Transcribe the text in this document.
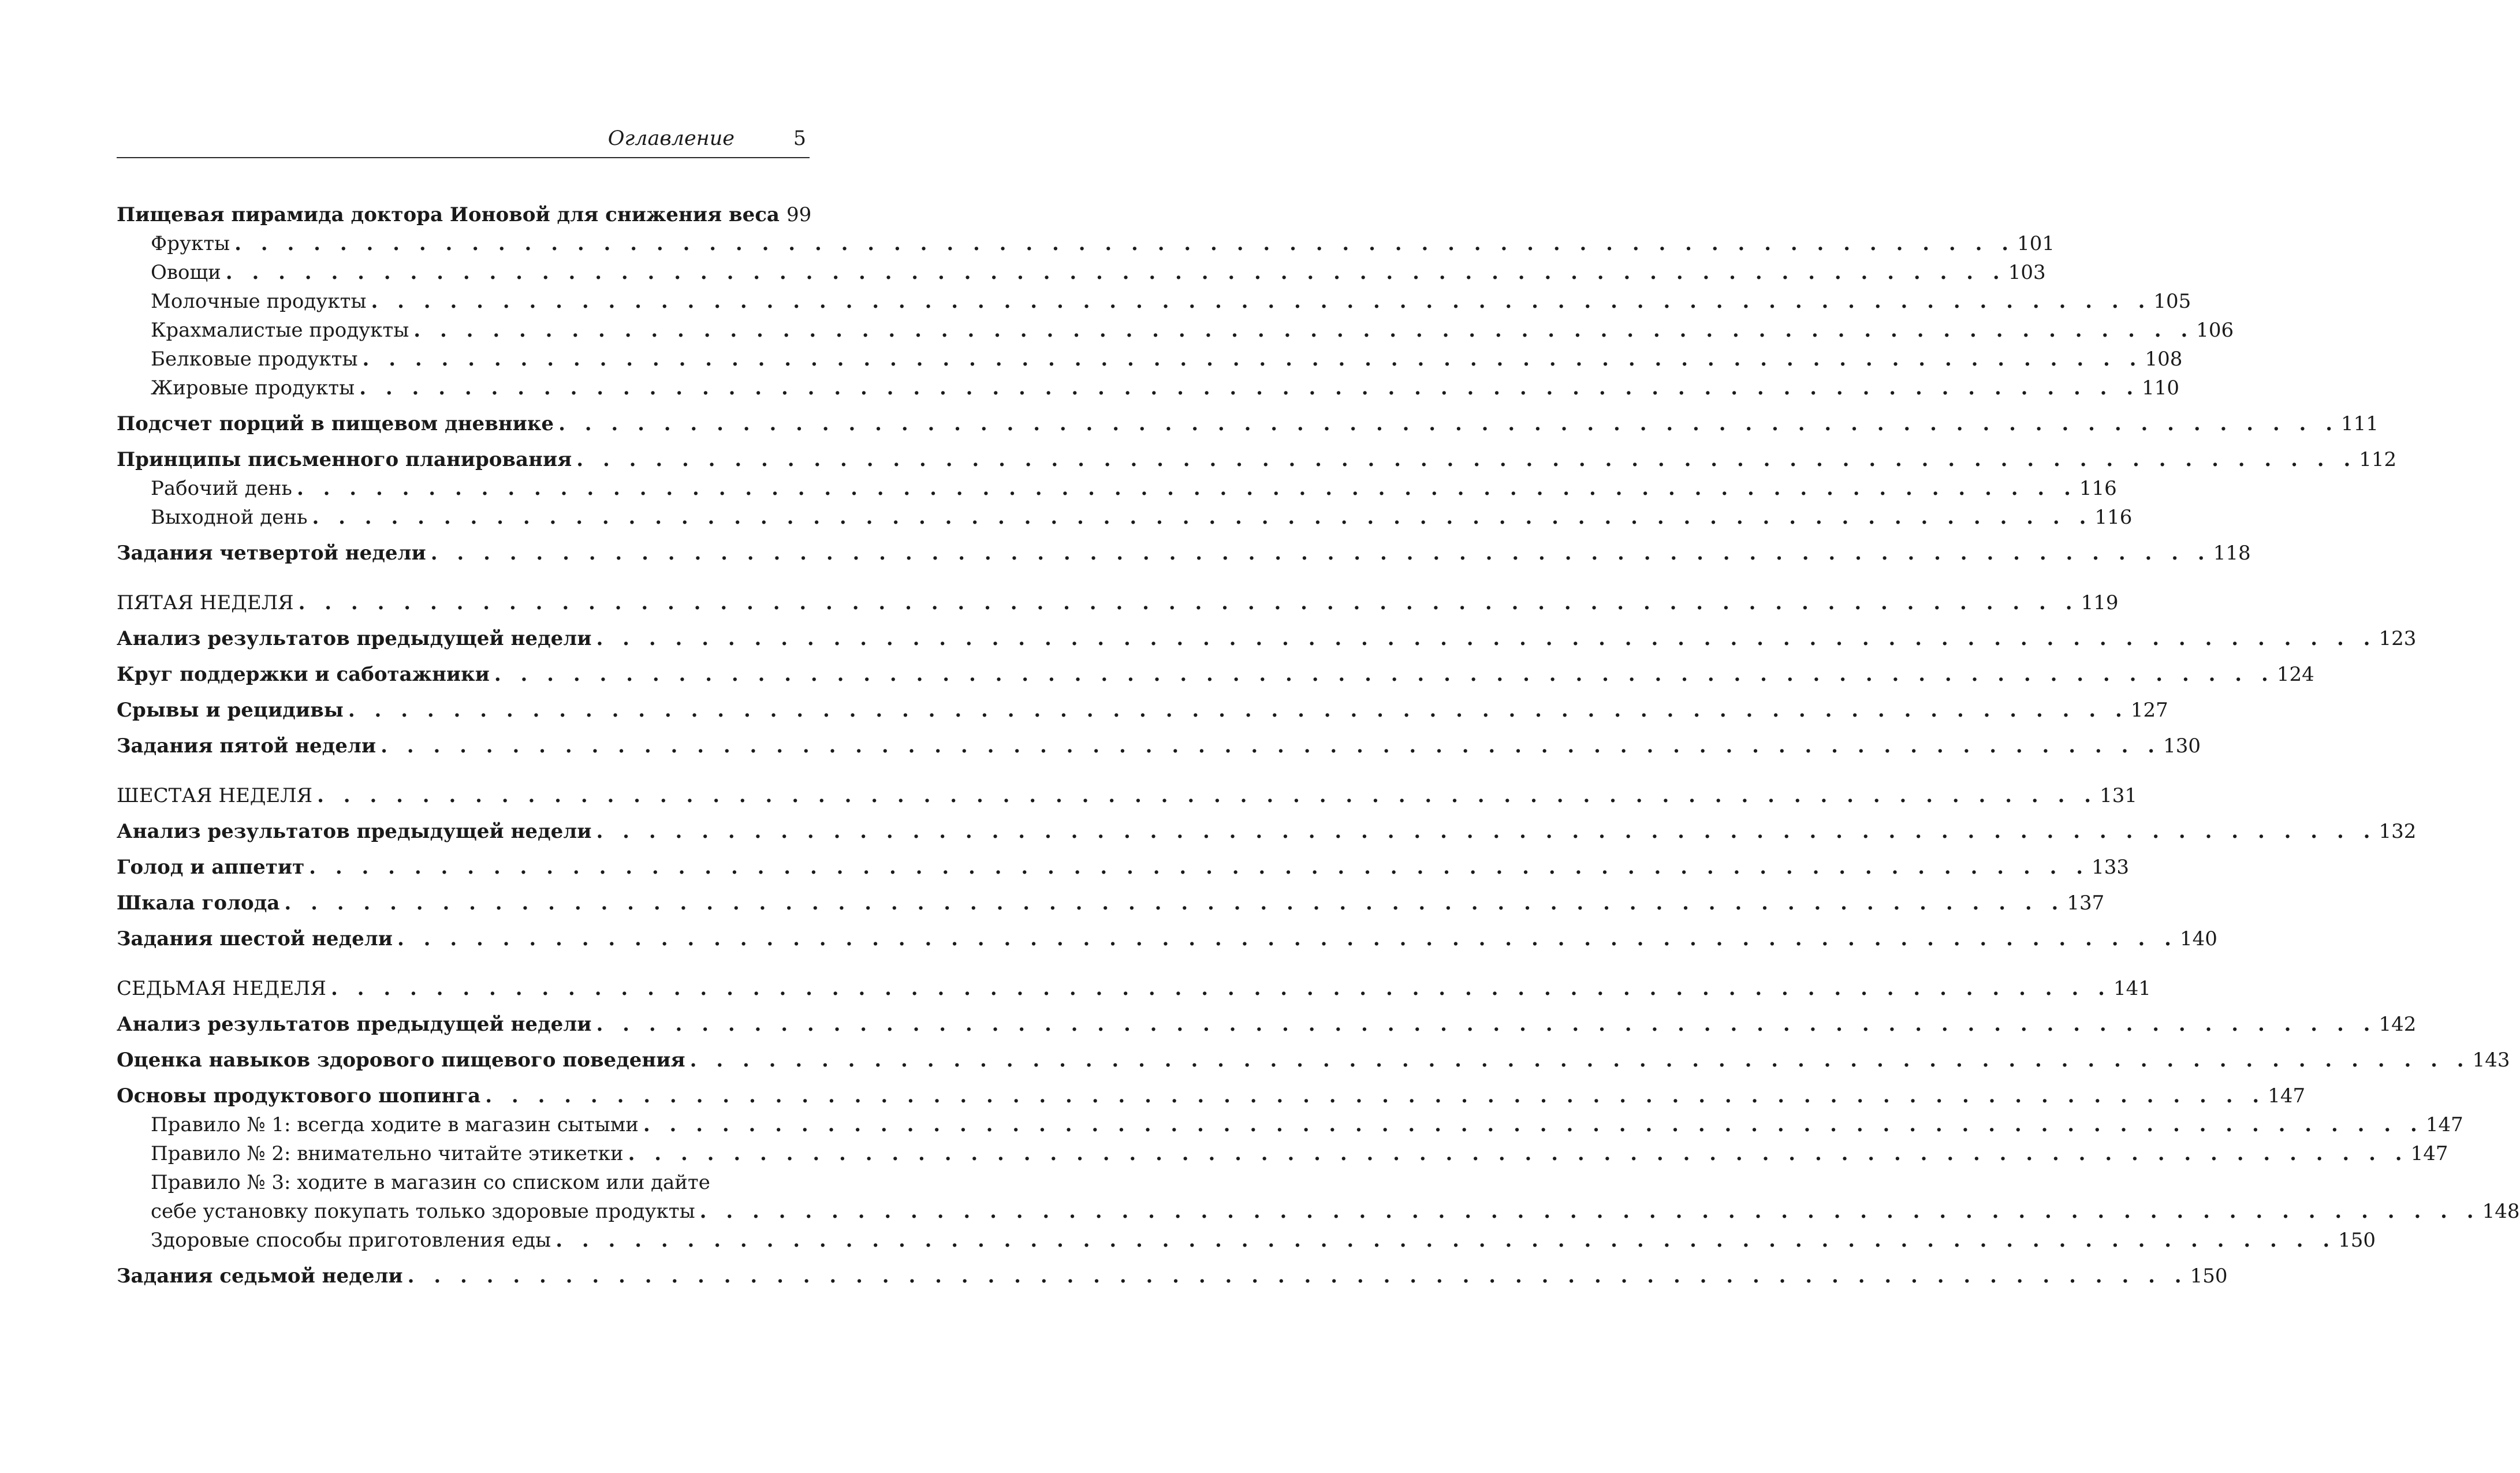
Оглавление	5
Пищевая пирамида доктора Ионовой для снижения веса 99
Фрукты . . . . . . . . . . . . . . . . . . . . . . . . . . . . . . . . . . . . . . . . . . . . . . . . . . . . . . . . . . . . . . . . . . . . 101
Овощи . . . . . . . . . . . . . . . . . . . . . . . . . . . . . . . . . . . . . . . . . . . . . . . . . . . . . . . . . . . . . . . . . . . . 103
Молочные продукты . . . . . . . . . . . . . . . . . . . . . . . . . . . . . . . . . . . . . . . . . . . . . . . . . . . . . . . . . . . . . . . . . . . . 105
Крахмалистые продукты . . . . . . . . . . . . . . . . . . . . . . . . . . . . . . . . . . . . . . . . . . . . . . . . . . . . . . . . . . . . . . . . . . . . 106
Белковые продукты . . . . . . . . . . . . . . . . . . . . . . . . . . . . . . . . . . . . . . . . . . . . . . . . . . . . . . . . . . . . . . . . . . . . 108
Жировые продукты . . . . . . . . . . . . . . . . . . . . . . . . . . . . . . . . . . . . . . . . . . . . . . . . . . . . . . . . . . . . . . . . . . . . 110
Подсчет порций в пищевом дневнике . . . . . . . . . . . . . . . . . . . . . . . . . . . . . . . . . . . . . . . . . . . . . . . . . . . . . . . . . . . . . . . . . . . . 111
Принципы письменного планирования . . . . . . . . . . . . . . . . . . . . . . . . . . . . . . . . . . . . . . . . . . . . . . . . . . . . . . . . . . . . . . . . . . . . 112
Рабочий день . . . . . . . . . . . . . . . . . . . . . . . . . . . . . . . . . . . . . . . . . . . . . . . . . . . . . . . . . . . . . . . . . . . . 116
Выходной день . . . . . . . . . . . . . . . . . . . . . . . . . . . . . . . . . . . . . . . . . . . . . . . . . . . . . . . . . . . . . . . . . . . . 116
Задания четвертой недели . . . . . . . . . . . . . . . . . . . . . . . . . . . . . . . . . . . . . . . . . . . . . . . . . . . . . . . . . . . . . . . . . . . . 118
ПЯТАЯ НЕДЕЛЯ . . . . . . . . . . . . . . . . . . . . . . . . . . . . . . . . . . . . . . . . . . . . . . . . . . . . . . . . . . . . . . . . . . . . 119
Анализ результатов предыдущей недели . . . . . . . . . . . . . . . . . . . . . . . . . . . . . . . . . . . . . . . . . . . . . . . . . . . . . . . . . . . . . . . . . . . . 123
Круг поддержки и саботажники . . . . . . . . . . . . . . . . . . . . . . . . . . . . . . . . . . . . . . . . . . . . . . . . . . . . . . . . . . . . . . . . . . . . 124
Срывы и рецидивы . . . . . . . . . . . . . . . . . . . . . . . . . . . . . . . . . . . . . . . . . . . . . . . . . . . . . . . . . . . . . . . . . . . . 127
Задания пятой недели . . . . . . . . . . . . . . . . . . . . . . . . . . . . . . . . . . . . . . . . . . . . . . . . . . . . . . . . . . . . . . . . . . . . 130
ШЕСТАЯ НЕДЕЛЯ . . . . . . . . . . . . . . . . . . . . . . . . . . . . . . . . . . . . . . . . . . . . . . . . . . . . . . . . . . . . . . . . . . . . 131
Анализ результатов предыдущей недели . . . . . . . . . . . . . . . . . . . . . . . . . . . . . . . . . . . . . . . . . . . . . . . . . . . . . . . . . . . . . . . . . . . . 132
Голод и аппетит . . . . . . . . . . . . . . . . . . . . . . . . . . . . . . . . . . . . . . . . . . . . . . . . . . . . . . . . . . . . . . . . . . . . 133
Шкала голода . . . . . . . . . . . . . . . . . . . . . . . . . . . . . . . . . . . . . . . . . . . . . . . . . . . . . . . . . . . . . . . . . . . . 137
Задания шестой недели . . . . . . . . . . . . . . . . . . . . . . . . . . . . . . . . . . . . . . . . . . . . . . . . . . . . . . . . . . . . . . . . . . . . 140
СЕДЬМАЯ НЕДЕЛЯ . . . . . . . . . . . . . . . . . . . . . . . . . . . . . . . . . . . . . . . . . . . . . . . . . . . . . . . . . . . . . . . . . . . . 141
Анализ результатов предыдущей недели . . . . . . . . . . . . . . . . . . . . . . . . . . . . . . . . . . . . . . . . . . . . . . . . . . . . . . . . . . . . . . . . . . . . 142
Оценка навыков здорового пищевого поведения . . . . . . . . . . . . . . . . . . . . . . . . . . . . . . . . . . . . . . . . . . . . . . . . . . . . . . . . . . . . . . . . . . . . 143
Основы продуктового шопинга . . . . . . . . . . . . . . . . . . . . . . . . . . . . . . . . . . . . . . . . . . . . . . . . . . . . . . . . . . . . . . . . . . . . 147
Правило № 1: всегда ходите в магазин сытыми . . . . . . . . . . . . . . . . . . . . . . . . . . . . . . . . . . . . . . . . . . . . . . . . . . . . . . . . . . . . . . . . . . . . 147
Правило № 2: внимательно читайте этикетки . . . . . . . . . . . . . . . . . . . . . . . . . . . . . . . . . . . . . . . . . . . . . . . . . . . . . . . . . . . . . . . . . . . . 147
Правило № 3: ходите в магазин со списком или дайте
себе установку покупать только здоровые продукты . . . . . . . . . . . . . . . . . . . . . . . . . . . . . . . . . . . . . . . . . . . . . . . . . . . . . . . . . . . . . . . . . . . . 148
Здоровые способы приготовления еды . . . . . . . . . . . . . . . . . . . . . . . . . . . . . . . . . . . . . . . . . . . . . . . . . . . . . . . . . . . . . . . . . . . . 150
Задания седьмой недели . . . . . . . . . . . . . . . . . . . . . . . . . . . . . . . . . . . . . . . . . . . . . . . . . . . . . . . . . . . . . . . . . . . . 150
